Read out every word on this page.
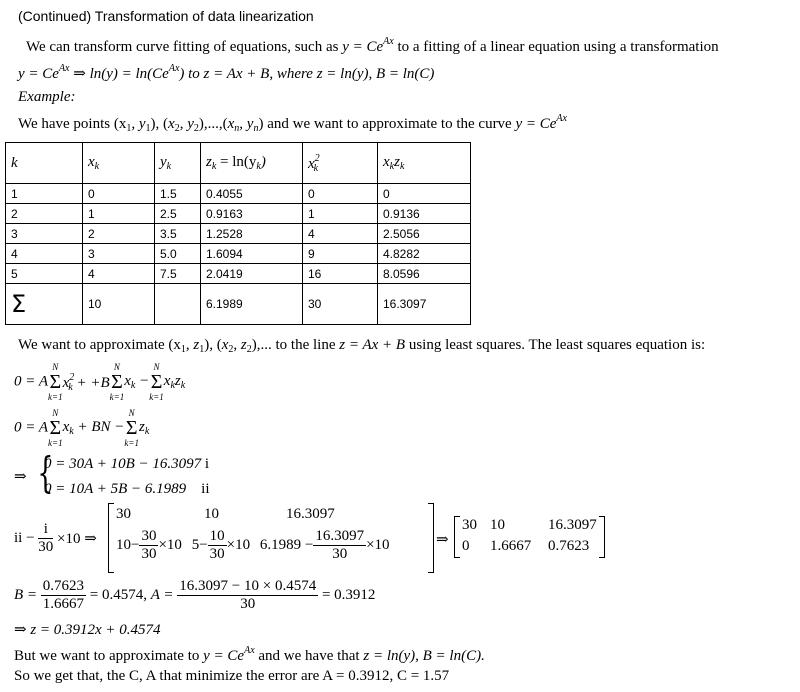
(Continued) Transformation of data linearization
We can transform curve fitting of equations, such as $y = Ce^{Ax}$ to a fitting of a linear equation using a transformation
$y = Ce^{Ax}$ ⇒ $\ln(y) = \ln(Ce^{Ax})$ to z = Ax + B, where z = ln(y), B = ln(C)
Example:
We have points ($x_1$, $y_1$), ($x_2$, $y_2),...,(x_n$, $y_n$) and we want to approximate to the curve $y = Ce^{Ax}$
k	$x_k$	$y_k$	$z_k = \ln(y_k)$	$x^2_k$	$x_kz_k$
1	0	1.5	0.4055	0	0
2	1	2.5	0.9163	1	0.9136
3	2	3.5	1.2528	4	2.5056
4	3	5.0	1.6094	9	4.8282
5	4	7.5	2.0419	16	8.0596
Σ	10		6.1989	30	16.3097
We want to approximate ($x_1$, $z_1$), ($x_2$, $z_2$),... to the line z = Ax + B using least squares. The least squares equation is:
0 = A
N
Σ
k=1
$x^2_k + +B$
N
Σ
k=1
$x_k$ −
N
Σ
k=1
$x_kz_k$
0 = A
N
Σ
k=1
$x_k$ + BN −
N
Σ
k=1
$z_k$
⇒ {
0 = 30A + 10B − 16.3097 i
0 = 10A + 5B − 6.1989 ii
ii − $\frac{i}{30} \times 10$ ⇒
30	10	16.3097
$10- \frac{30}{30} \times 10$ $5- \frac{10}{30} \times 10$ $6.1989 - \frac{16.3097}{30} \times 10$	⇒
30 10	16.3097
0 1.6667 0.7623
$B = \frac{0.7623}{1.6667} = 0.4574$, $A = \frac{16.3097 - 10 \times 0.4574}{30} = 0.3912$
⇒ z = 0.3912x + 0.4574
But we want to approximate to $y = Ce^{Ax}$ and we have that z = ln(y), B = ln(C).
So we get that, the C, A that minimize the error are A = 0.3912, C = 1.57
